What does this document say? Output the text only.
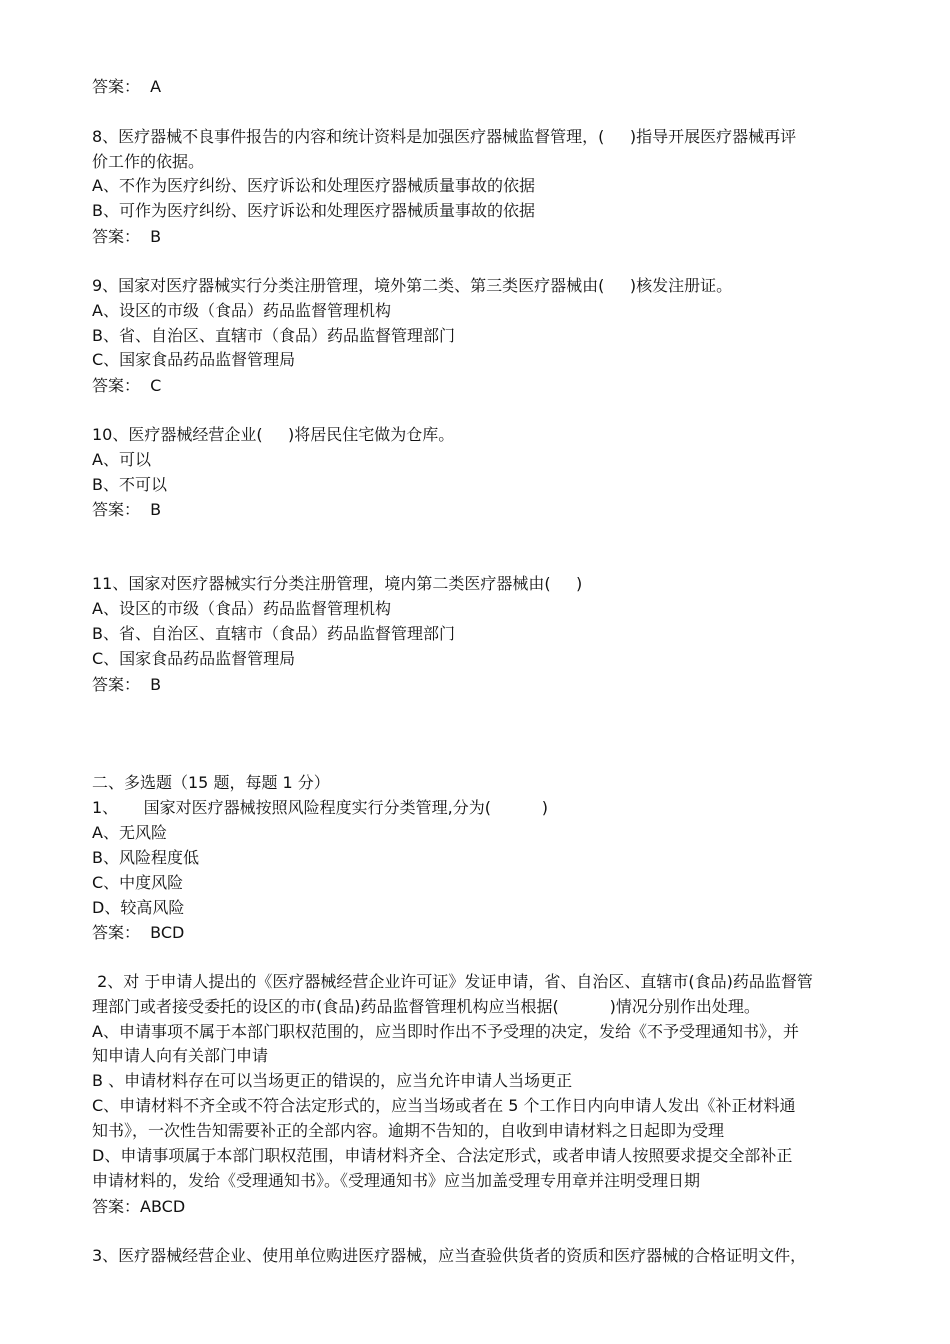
答案：  A
8、医疗器械不良事件报告的内容和统计资料是加强医疗器械监督管理，(     )指导开展医疗器械再评
价工作的依据。
A、不作为医疗纠纷、医疗诉讼和处理医疗器械质量事故的依据
B、可作为医疗纠纷、医疗诉讼和处理医疗器械质量事故的依据
答案：  B
9、国家对医疗器械实行分类注册管理，境外第二类、第三类医疗器械由(     )核发注册证。
A、设区的市级（食品）药品监督管理机构
B、省、自治区、直辖市（食品）药品监督管理部门
C、国家食品药品监督管理局
答案：  C
10、医疗器械经营企业(     )将居民住宅做为仓库。
A、可以
B、不可以
答案：  B
11、国家对医疗器械实行分类注册管理，境内第二类医疗器械由(     )
A、设区的市级（食品）药品监督管理机构
B、省、自治区、直辖市（食品）药品监督管理部门
C、国家食品药品监督管理局
答案：  B
二、多选题（15 题，每题 1 分）
1、     国家对医疗器械按照风险程度实行分类管理,分为(          )
A、无风险
B、风险程度低
C、中度风险
D、较高风险
答案：  BCD
2、对 于申请人提出的《医疗器械经营企业许可证》发证申请，省、自治区、直辖市(食品)药品监督管
理部门或者接受委托的设区的市(食品)药品监督管理机构应当根据(          )情况分别作出处理。
A、申请事项不属于本部门职权范围的，应当即时作出不予受理的决定，发给《不予受理通知书》，并
知申请人向有关部门申请
B 、申请材料存在可以当场更正的错误的，应当允许申请人当场更正
C、申请材料不齐全或不符合法定形式的，应当当场或者在 5 个工作日内向申请人发出《补正材料通
知书》，一次性告知需要补正的全部内容。逾期不告知的，自收到申请材料之日起即为受理
D、申请事项属于本部门职权范围，申请材料齐全、合法定形式，或者申请人按照要求提交全部补正
申请材料的，发给《受理通知书》。《受理通知书》应当加盖受理专用章并注明受理日期
答案：ABCD
3、医疗器械经营企业、使用单位购进医疗器械，应当查验供货者的资质和医疗器械的合格证明文件，
